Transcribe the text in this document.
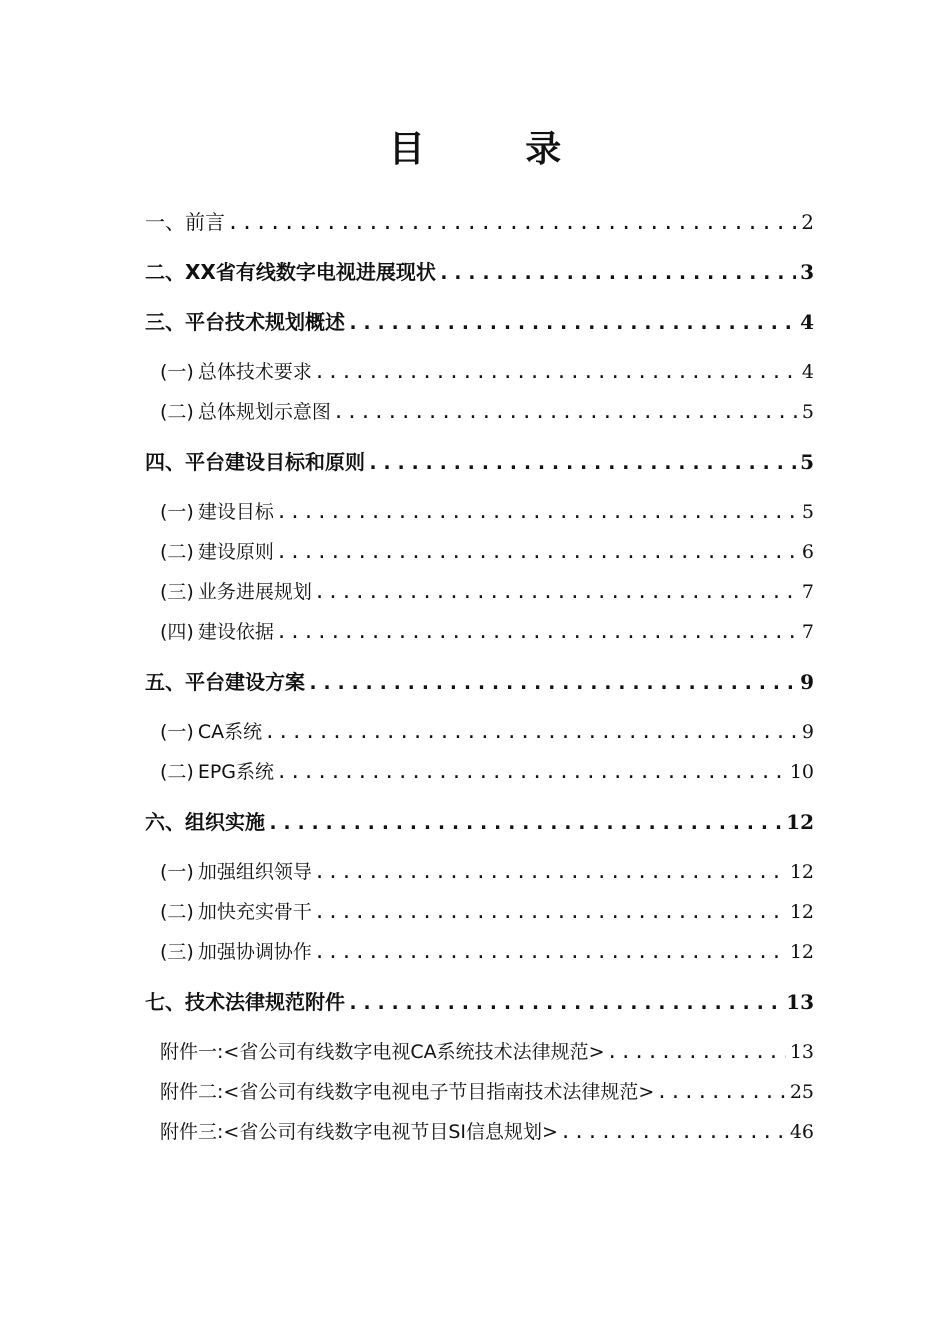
目 录
一、 前言 .....	2
二、 XX省有线数字电视进展现状 .....	3
三、 平台技术规划概述 .....	4
(一) 总体技术要求 .....	4
(二) 总体规划示意图 .....	5
四、 平台建设目标和原则 .....	5
(一) 建设目标 .....	5
(二) 建设原则 .....	6
(三) 业务进展规划 .....	7
(四) 建设依据 .....	7
五、 平台建设方案 .....	9
(一) CA系统 .....	9
(二) EPG系统 .....	10
六、 组织实施 .....	12
(一) 加强组织领导 .....	12
(二) 加快充实骨干 .....	12
(三) 加强协调协作 .....	12
七、 技术法律规范附件 .....	13
附件一:<省公司有线数字电视CA系统技术法律规范> .....	13
附件二:<省公司有线数字电视电子节目指南技术法律规范> .....	25
附件三:<省公司有线数字电视节目SI信息规划> .....	46
